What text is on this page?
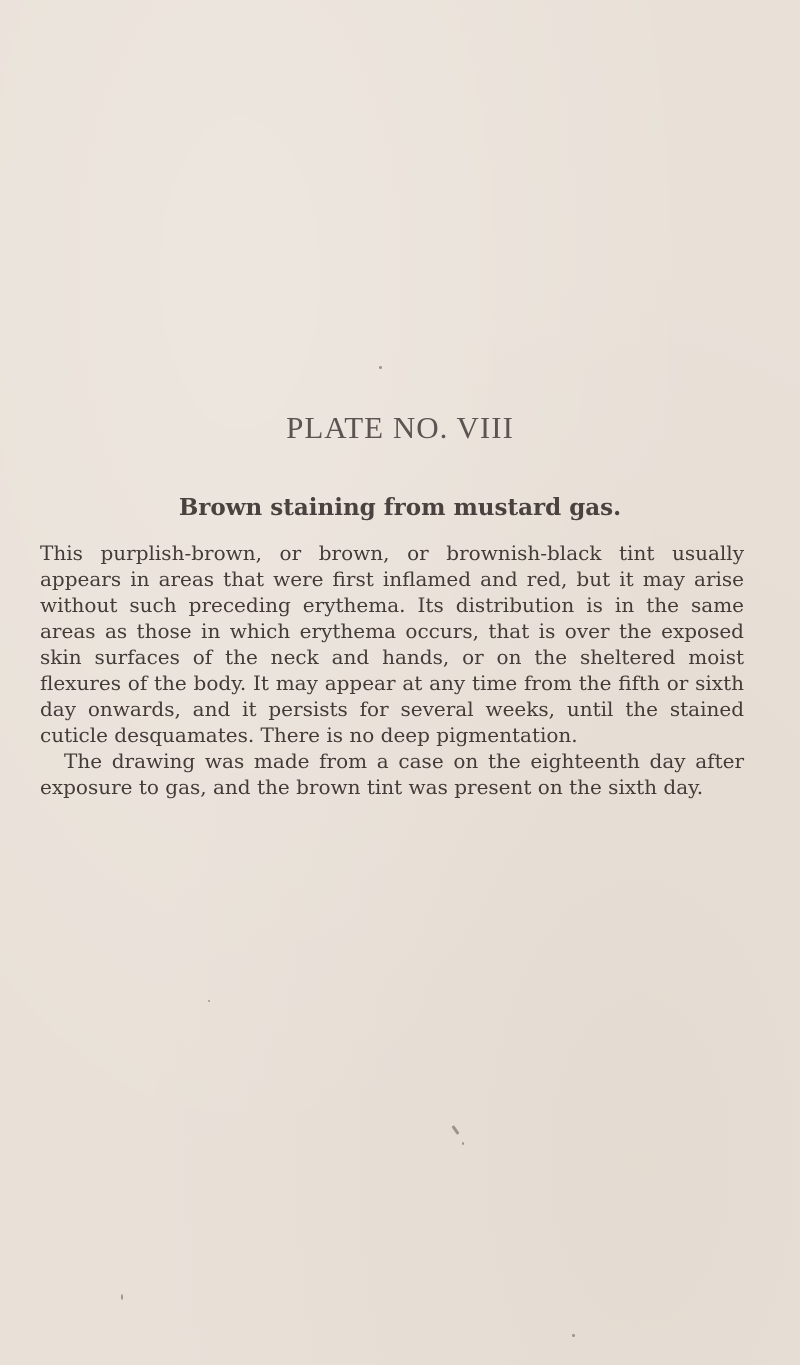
PLATE NO. VIII
Brown staining from mustard gas.

This purplish-brown, or brown, or brownish-black tint usually appears in areas that were first inflamed and red, but it may arise without such preceding erythema. Its distribution is in the same areas as those in which erythema occurs, that is over the exposed skin surfaces of the neck and hands, or on the sheltered moist flexures of the body. It may appear at any time from the fifth or sixth day onwards, and it persists for several weeks, until the stained cuticle desquamates. There is no deep pigmentation.

The drawing was made from a case on the eighteenth day after exposure to gas, and the brown tint was present on the sixth day.
